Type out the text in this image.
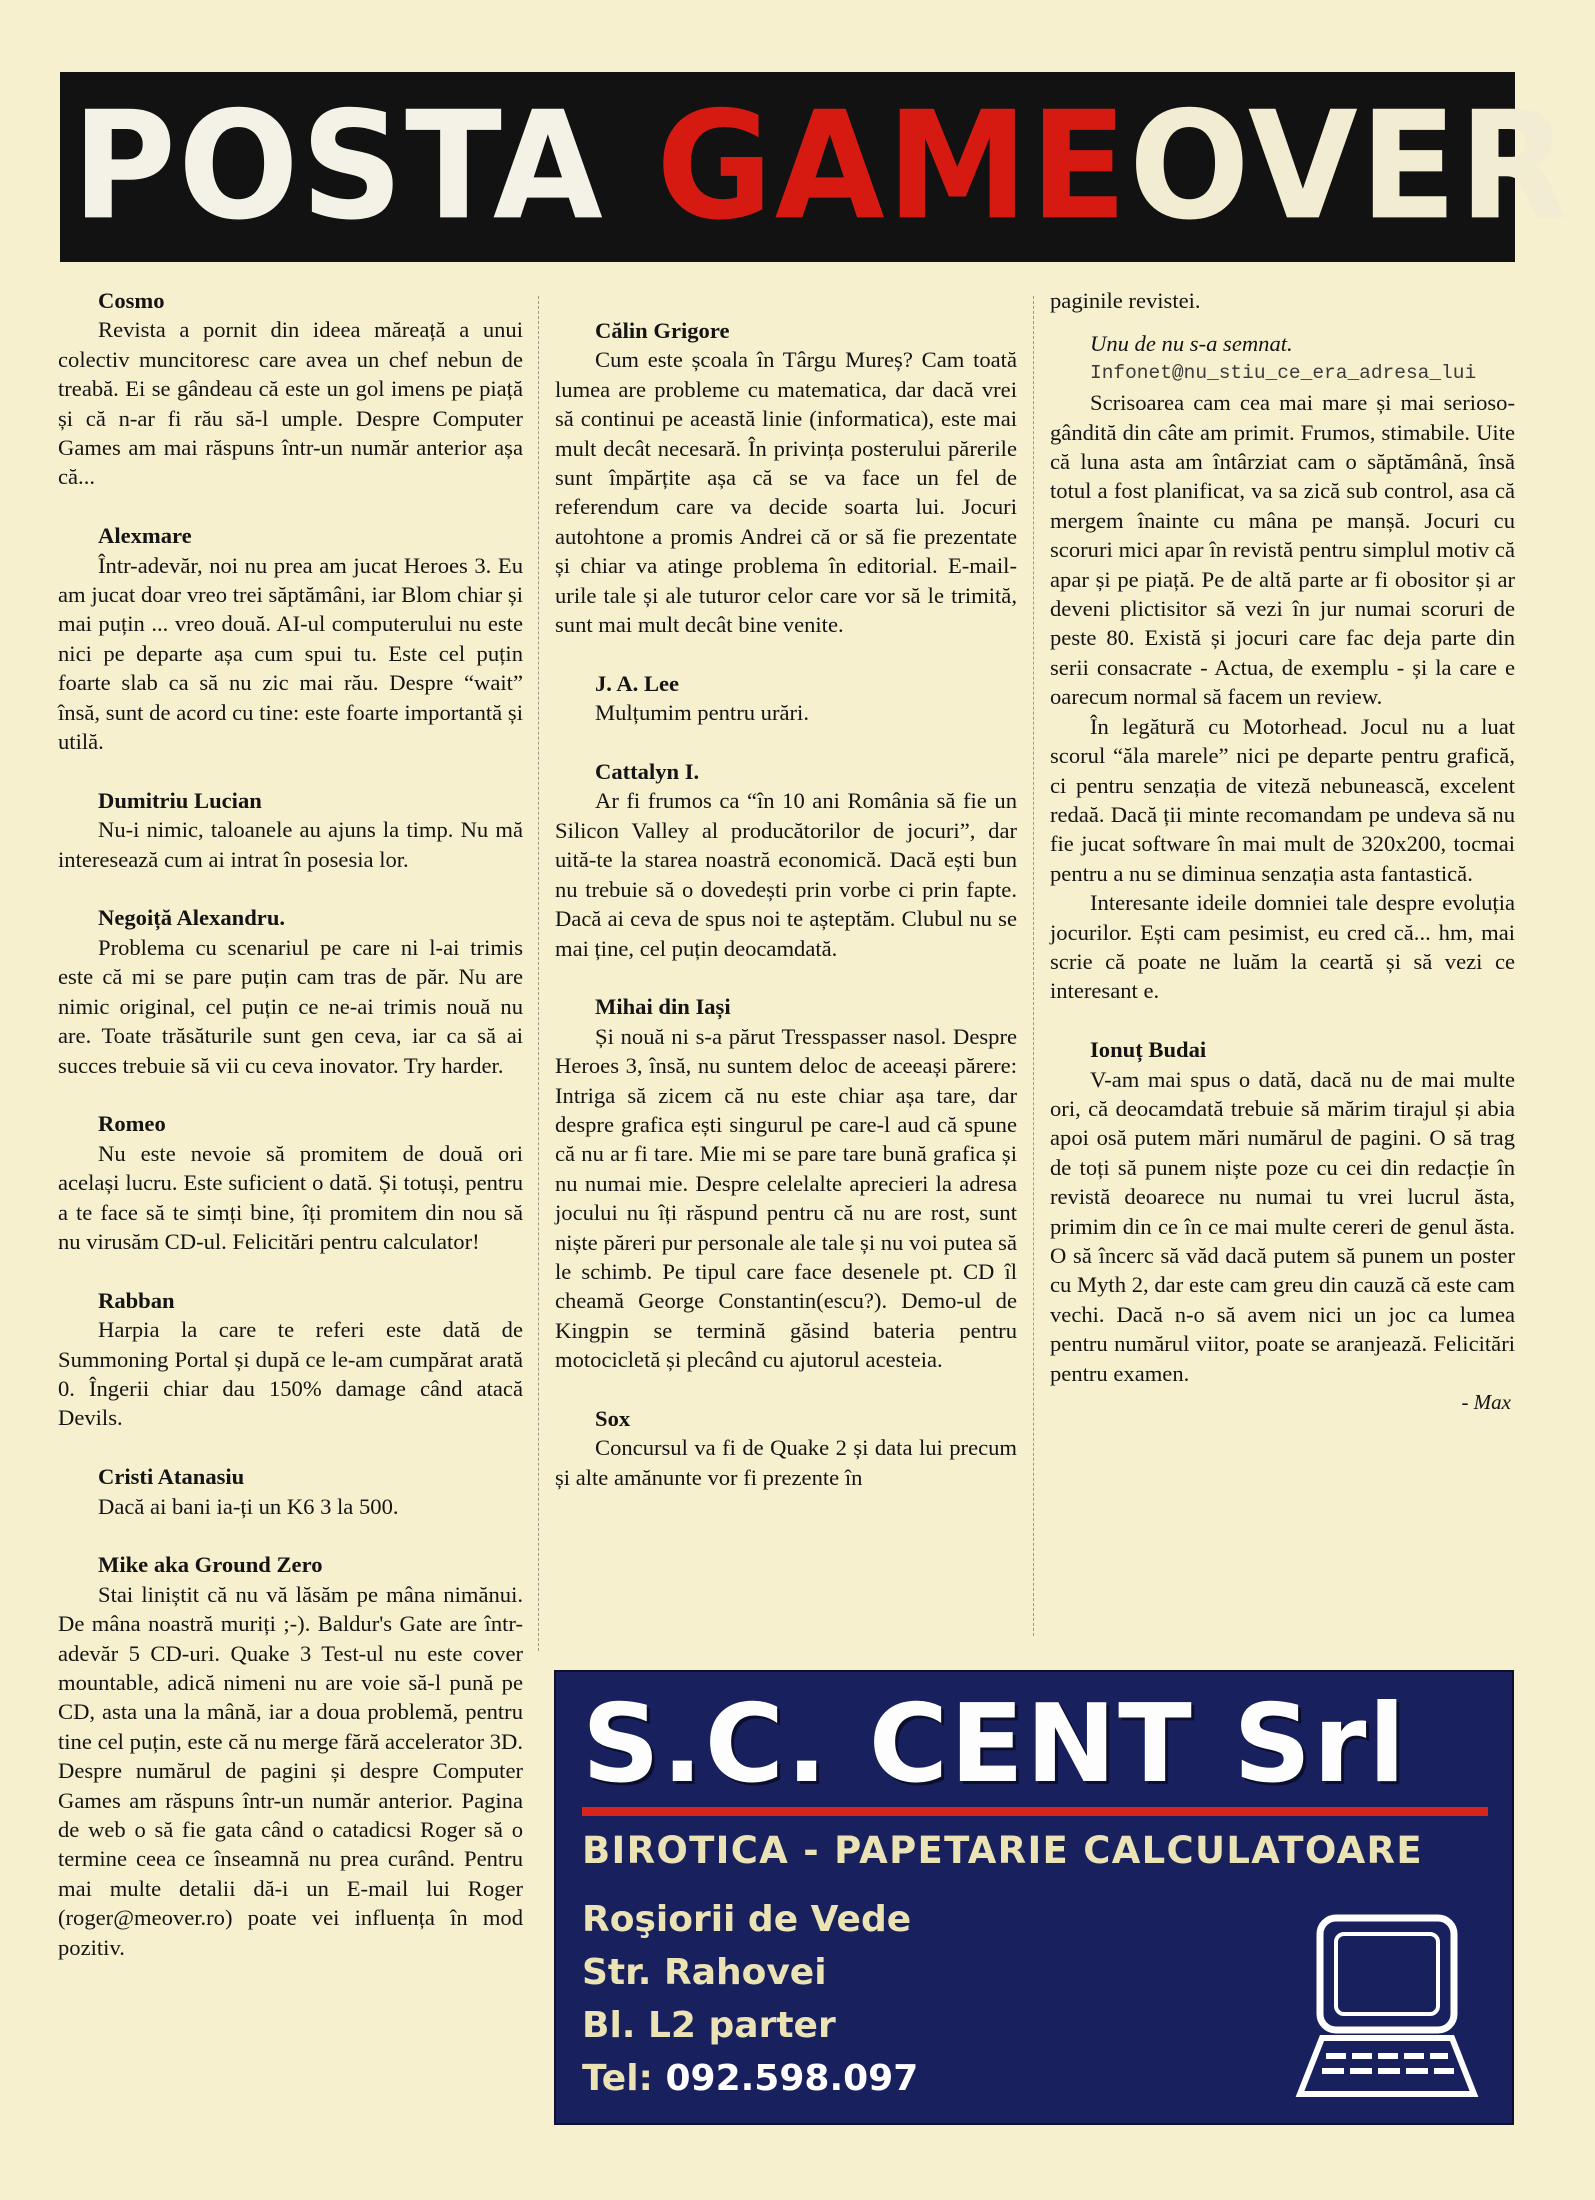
POSTA GAMEOVER
Cosmo

Revista a pornit din ideea măreață a unui colectiv muncitoresc care avea un chef nebun de treabă. Ei se gândeau că este un gol imens pe piață și că n-ar fi rău să-l umple. Despre Computer Games am mai răspuns într-un număr anterior așa că...

Alexmare

Într-adevăr, noi nu prea am jucat Heroes 3. Eu am jucat doar vreo trei săptămâni, iar Blom chiar și mai puțin ... vreo două. AI-ul computerului nu este nici pe departe așa cum spui tu. Este cel puțin foarte slab ca să nu zic mai rău. Despre “wait” însă, sunt de acord cu tine: este foarte importantă și utilă.

Dumitriu Lucian

Nu-i nimic, taloanele au ajuns la timp. Nu mă interesează cum ai intrat în posesia lor.

Negoiță Alexandru.

Problema cu scenariul pe care ni l-ai trimis este că mi se pare puțin cam tras de păr. Nu are nimic original, cel puțin ce ne-ai trimis nouă nu are. Toate trăsăturile sunt gen ceva, iar ca să ai succes trebuie să vii cu ceva inovator. Try harder.

Romeo

Nu este nevoie să promitem de două ori același lucru. Este suficient o dată. Și totuși, pentru a te face să te simți bine, îți promitem din nou să nu virusăm CD-ul. Felicitări pentru calculator!

Rabban

Harpia la care te referi este dată de Summoning Portal și după ce le-am cumpărat arată 0. Îngerii chiar dau 150% damage când atacă Devils.

Cristi Atanasiu

Dacă ai bani ia-ți un K6 3 la 500.

Mike aka Ground Zero

Stai liniștit că nu vă lăsăm pe mâna nimănui. De mâna noastră muriți ;-). Baldur's Gate are într-adevăr 5 CD-uri. Quake 3 Test-ul nu este cover mountable, adică nimeni nu are voie să-l pună pe CD, asta una la mână, iar a doua problemă, pentru tine cel puțin, este că nu merge fără accelerator 3D. Despre numărul de pagini și despre Computer Games am răspuns într-un număr anterior. Pagina de web o să fie gata când o catadicsi Roger să o termine ceea ce înseamnă nu prea curând. Pentru mai multe detalii dă-i un E-mail lui Roger (roger@meover.ro) poate vei influența în mod pozitiv.

Călin Grigore

Cum este școala în Târgu Mureș? Cam toată lumea are probleme cu matematica, dar dacă vrei să continui pe această linie (informatica), este mai mult decât necesară. În privința posterului părerile sunt împărțite așa că se va face un fel de referendum care va decide soarta lui. Jocuri autohtone a promis Andrei că or să fie prezentate și chiar va atinge problema în editorial. E-mail-urile tale și ale tuturor celor care vor să le trimită, sunt mai mult decât bine venite.

J. A. Lee

Mulțumim pentru urări.

Cattalyn I.

Ar fi frumos ca “în 10 ani România să fie un Silicon Valley al producătorilor de jocuri”, dar uită-te la starea noastră economică. Dacă ești bun nu trebuie să o dovedești prin vorbe ci prin fapte. Dacă ai ceva de spus noi te așteptăm. Clubul nu se mai ține, cel puțin deocamdată.

Mihai din Iași

Și nouă ni s-a părut Tresspasser nasol. Despre Heroes 3, însă, nu suntem deloc de aceeași părere: Intriga să zicem că nu este chiar așa tare, dar despre grafica ești singurul pe care-l aud că spune că nu ar fi tare. Mie mi se pare tare bună grafica și nu numai mie. Despre celelalte aprecieri la adresa jocului nu îți răspund pentru că nu are rost, sunt niște păreri pur personale ale tale și nu voi putea să le schimb. Pe tipul care face desenele pt. CD îl cheamă George Constantin(escu?). Demo-ul de Kingpin se termină găsind bateria pentru motocicletă și plecând cu ajutorul acesteia.

Sox

Concursul va fi de Quake 2 și data lui precum și alte amănunte vor fi prezente în

paginile revistei.

Unu de nu s-a semnat.
Infonet@nu_stiu_ce_era_adresa_lui

Scrisoarea cam cea mai mare și mai serioso-gândită din câte am primit. Frumos, stimabile. Uite că luna asta am întârziat cam o săptămână, însă totul a fost planificat, va sa zică sub control, asa că mergem înainte cu mâna pe manșă. Jocuri cu scoruri mici apar în revistă pentru simplul motiv că apar și pe piață. Pe de altă parte ar fi obositor și ar deveni plictisitor să vezi în jur numai scoruri de peste 80. Există și jocuri care fac deja parte din serii consacrate - Actua, de exemplu - și la care e oarecum normal să facem un review.

În legătură cu Motorhead. Jocul nu a luat scorul “ăla marele” nici pe departe pentru grafică, ci pentru senzația de viteză nebunească, excelent redaă. Dacă ții minte recomandam pe undeva să nu fie jucat software în mai mult de 320x200, tocmai pentru a nu se diminua senzația asta fantastică.

Interesante ideile domniei tale despre evoluția jocurilor. Ești cam pesimist, eu cred că... hm, mai scrie că poate ne luăm la ceartă și să vezi ce interesant e.

Ionuț Budai

V-am mai spus o dată, dacă nu de mai multe ori, că deocamdată trebuie să mărim tirajul și abia apoi osă putem mări numărul de pagini. O să trag de toți să punem niște poze cu cei din redacție în revistă deoarece nu numai tu vrei lucrul ăsta, primim din ce în ce mai multe cereri de genul ăsta. O să încerc să văd dacă putem să punem un poster cu Myth 2, dar este cam greu din cauză că este cam vechi. Dacă n-o să avem nici un joc ca lumea pentru numărul viitor, poate se aranjează. Felicitări pentru examen.

- Max
S.C. CENT Srl
BIROTICA - PAPETARIE CALCULATOARE
Roşiorii de Vede
Str. Rahovei
Bl. L2 parter
Tel: 092.598.097
